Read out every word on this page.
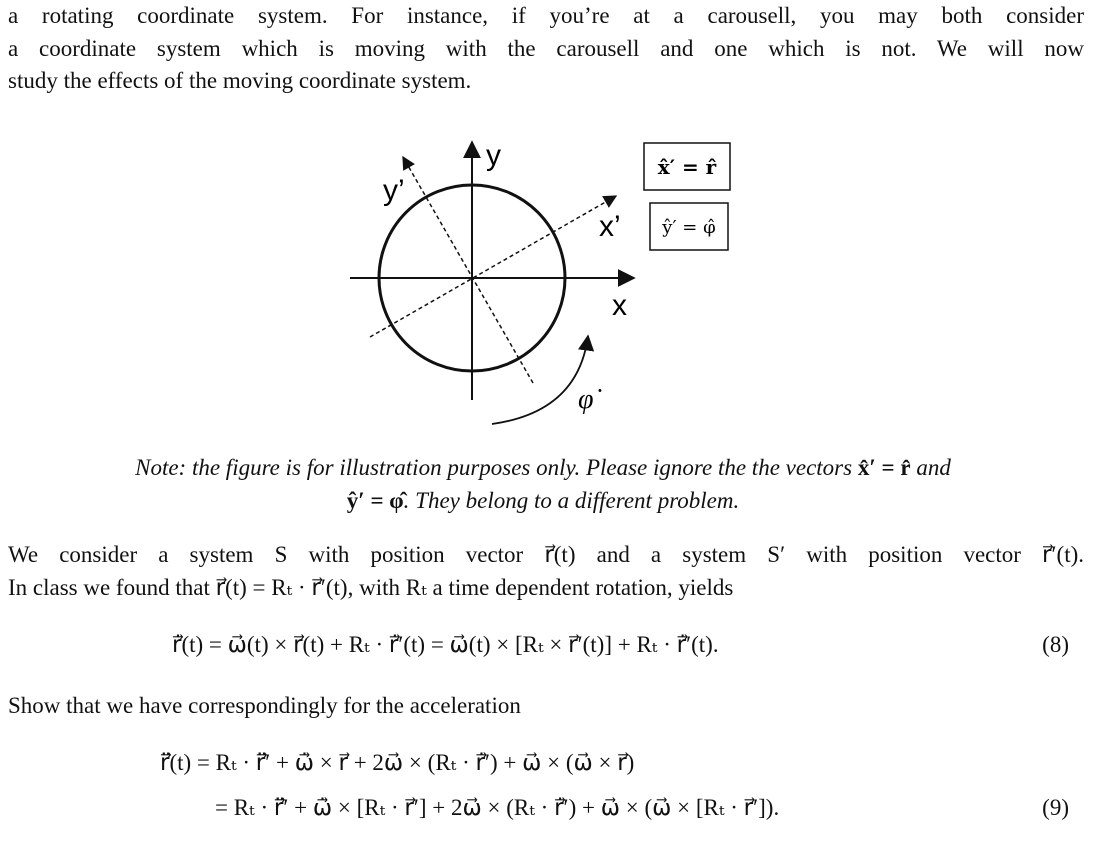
a rotating coordinate system. For instance, if you’re at a carousell, you may both consider
a coordinate system which is moving with the carousell and one which is not. We will now
study the effects of the moving coordinate system.
y
y’
x’
x
φ̇
x̂′ = r̂
ŷ′ = φ̂
Note: the figure is for illustration purposes only. Please ignore the the vectors x̂′ = r̂ and
ŷ′ = φ̂. They belong to a different problem.
We consider a system S with position vector r⃗(t) and a system S′ with position vector r⃗′(t).
In class we found that r⃗(t) = Rₜ · r⃗′(t), with Rₜ a time dependent rotation, yields
r⃗̇(t) = ω⃗(t) × r⃗(t) + Rₜ · r⃗̇′(t) = ω⃗(t) × [Rₜ × r⃗′(t)] + Rₜ · r⃗̇′(t).	(8)
Show that we have correspondingly for the acceleration
r⃗̈(t) = Rₜ · r⃗̈′ + ω⃗̇ × r⃗ + 2ω⃗ × (Rₜ · r⃗̇′) + ω⃗ × (ω⃗ × r⃗)
= Rₜ · r⃗̈′ + ω⃗̇ × [Rₜ · r⃗′] + 2ω⃗ × (Rₜ · r⃗̇′) + ω⃗ × (ω⃗ × [Rₜ · r⃗′]).	(9)
